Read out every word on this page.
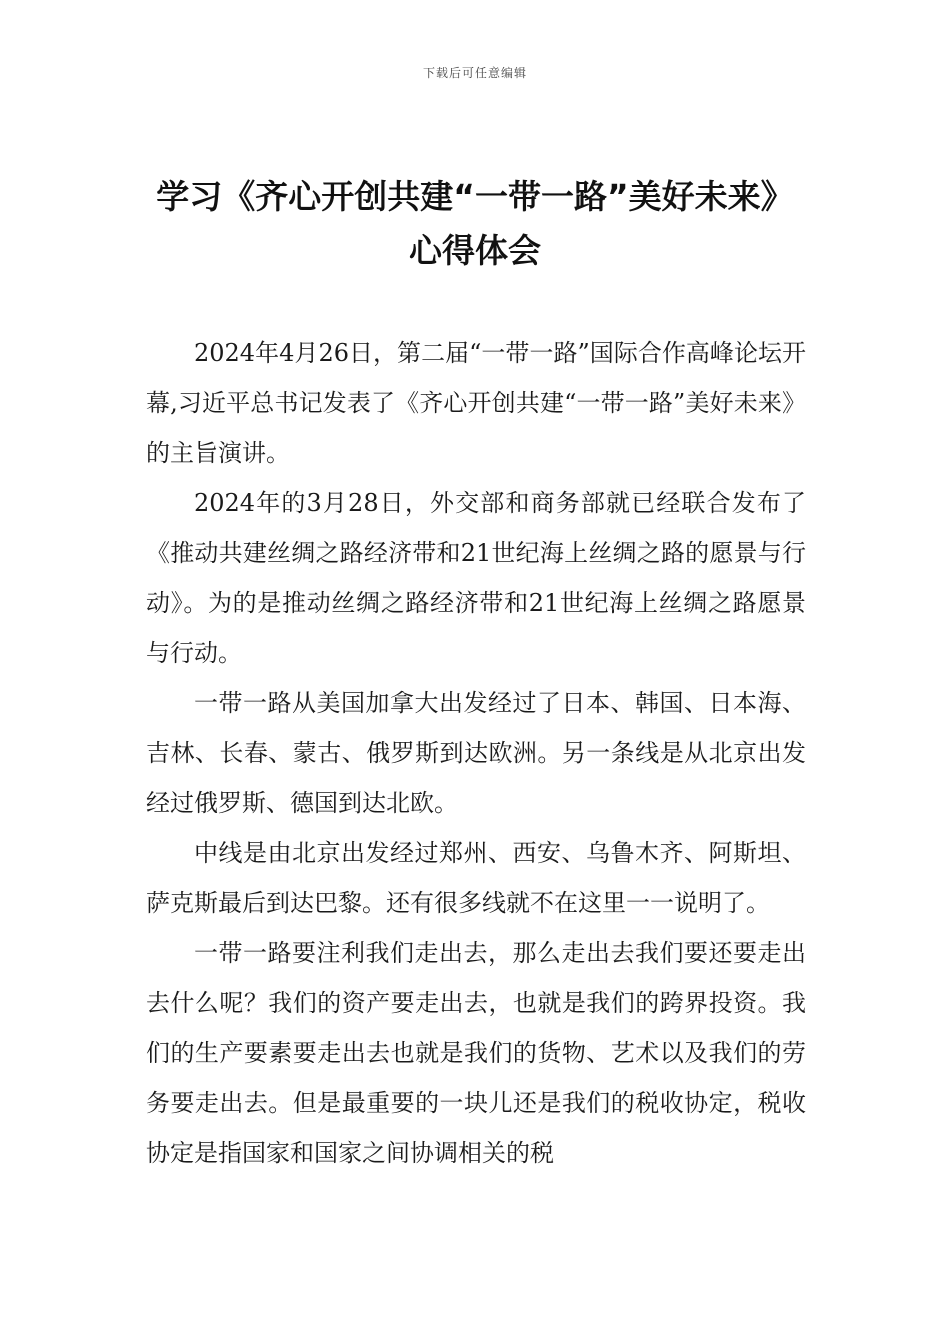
下载后可任意编辑
学习《齐心开创共建“一带一路”美好未来》心得体会

2024年4月26日，第二届“一带一路”国际合作高峰论坛开幕,习近平总书记发表了《齐心开创共建“一带一路”美好未来》的主旨演讲。

2024年的3月28日，外交部和商务部就已经联合发布了《推动共建丝绸之路经济带和21世纪海上丝绸之路的愿景与行动》。为的是推动丝绸之路经济带和21世纪海上丝绸之路愿景与行动。

一带一路从美国加拿大出发经过了日本、韩国、日本海、吉林、长春、蒙古、俄罗斯到达欧洲。另一条线是从北京出发经过俄罗斯、德国到达北欧。

中线是由北京出发经过郑州、西安、乌鲁木齐、阿斯坦、萨克斯最后到达巴黎。还有很多线就不在这里一一说明了。

一带一路要注利我们走出去，那么走出去我们要还要走出去什么呢？我们的资产要走出去，也就是我们的跨界投资。我们的生产要素要走出去也就是我们的货物、艺术以及我们的劳务要走出去。但是最重要的一块儿还是我们的税收协定，税收协定是指国家和国家之间协调相关的税
